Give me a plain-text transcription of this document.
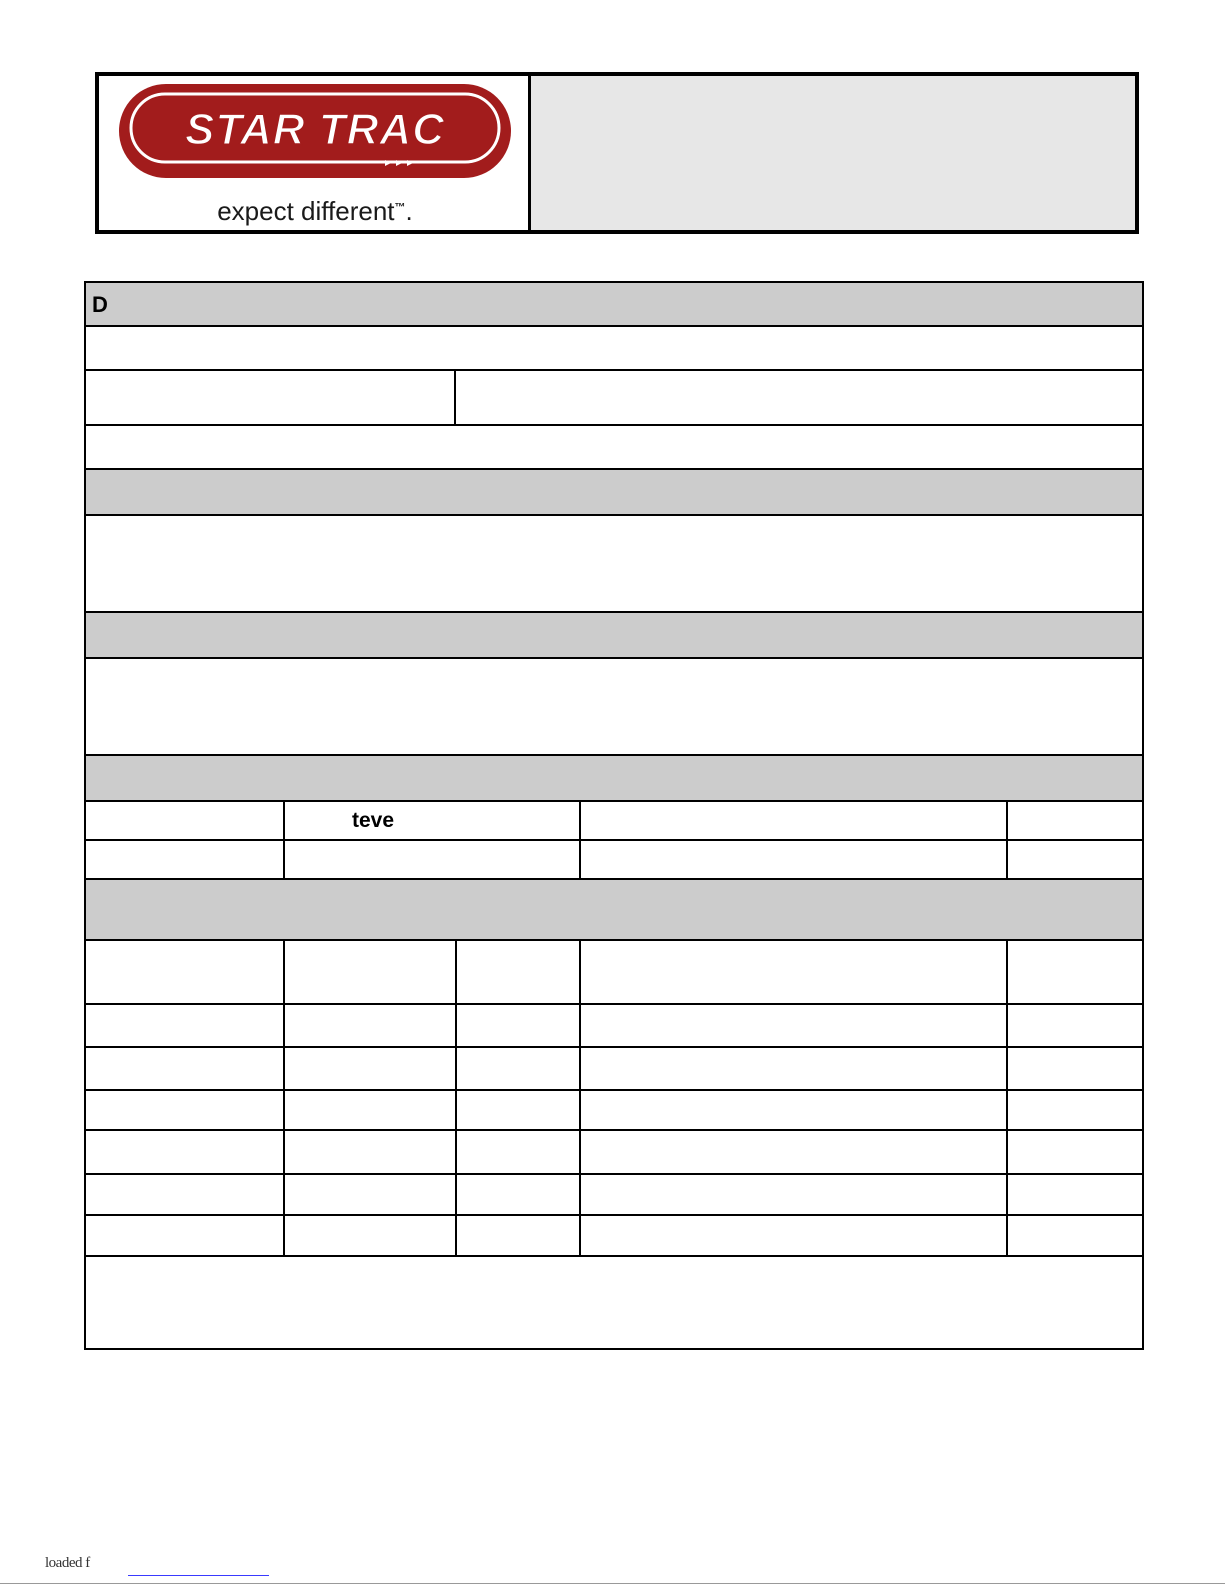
STAR TRAC
expect different™.
D
teve
loaded f
